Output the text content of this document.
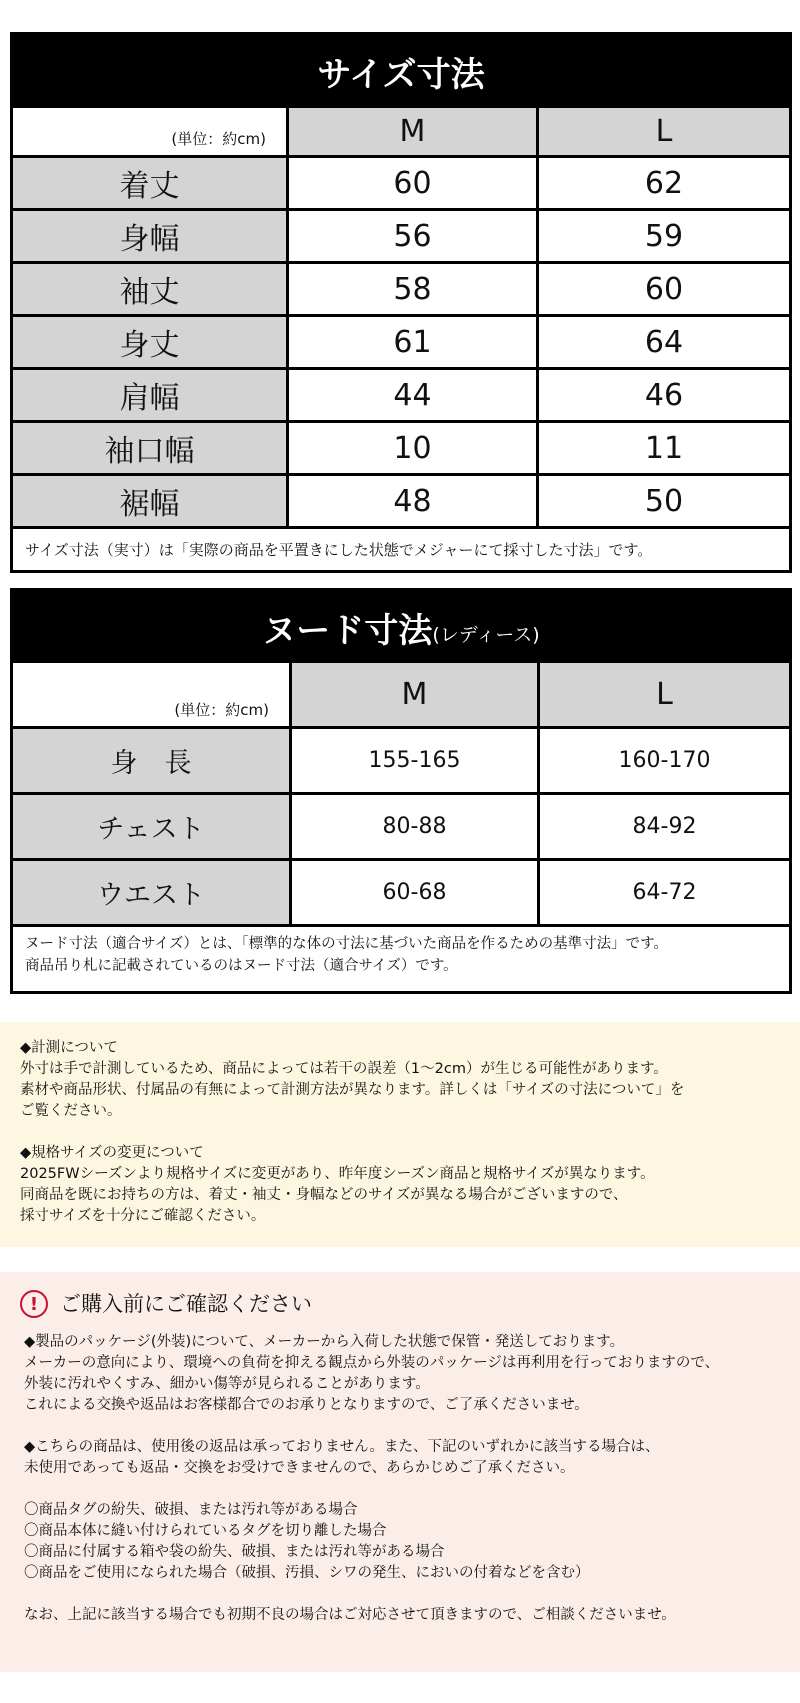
サイズ寸法
(単位：約cm)	M	L
着丈	60	62
身幅	56	59
袖丈	58	60
身丈	61	64
肩幅	44	46
袖口幅	10	11
裾幅	48	50
サイズ寸法（実寸）は「実際の商品を平置きにした状態でメジャーにて採寸した寸法」です。
ヌード寸法 (レディース)
(単位：約cm)	M	L
身　長	155-165	160-170
チェスト	80-88	84-92
ウエスト	60-68	64-72
ヌード寸法（適合サイズ）とは、「標準的な体の寸法に基づいた商品を作るための基準寸法」です。
商品吊り札に記載されているのはヌード寸法（適合サイズ）です。

◆計測について

外寸は手で計測しているため、商品によっては若干の誤差（1〜2cm）が生じる可能性があります。

素材や商品形状、付属品の有無によって計測方法が異なります。詳しくは「サイズの寸法について」を

ご覧ください。

◆規格サイズの変更について

2025FWシーズンより規格サイズに変更があり、昨年度シーズン商品と規格サイズが異なります。

同商品を既にお持ちの方は、着丈・袖丈・身幅などのサイズが異なる場合がございますので、

採寸サイズを十分にご確認ください。

!	ご購入前にご確認ください

◆製品のパッケージ(外装)について、メーカーから入荷した状態で保管・発送しております。

メーカーの意向により、環境への負荷を抑える観点から外装のパッケージは再利用を行っておりますので、

外装に汚れやくすみ、細かい傷等が見られることがあります。

これによる交換や返品はお客様都合でのお承りとなりますので、ご了承くださいませ。

◆こちらの商品は、使用後の返品は承っておりません。また、下記のいずれかに該当する場合は、

未使用であっても返品・交換をお受けできませんので、あらかじめご了承ください。

〇商品タグの紛失、破損、または汚れ等がある場合

〇商品本体に縫い付けられているタグを切り離した場合

〇商品に付属する箱や袋の紛失、破損、または汚れ等がある場合

〇商品をご使用になられた場合（破損、汚損、シワの発生、においの付着などを含む）

なお、上記に該当する場合でも初期不良の場合はご対応させて頂きますので、ご相談くださいませ。
